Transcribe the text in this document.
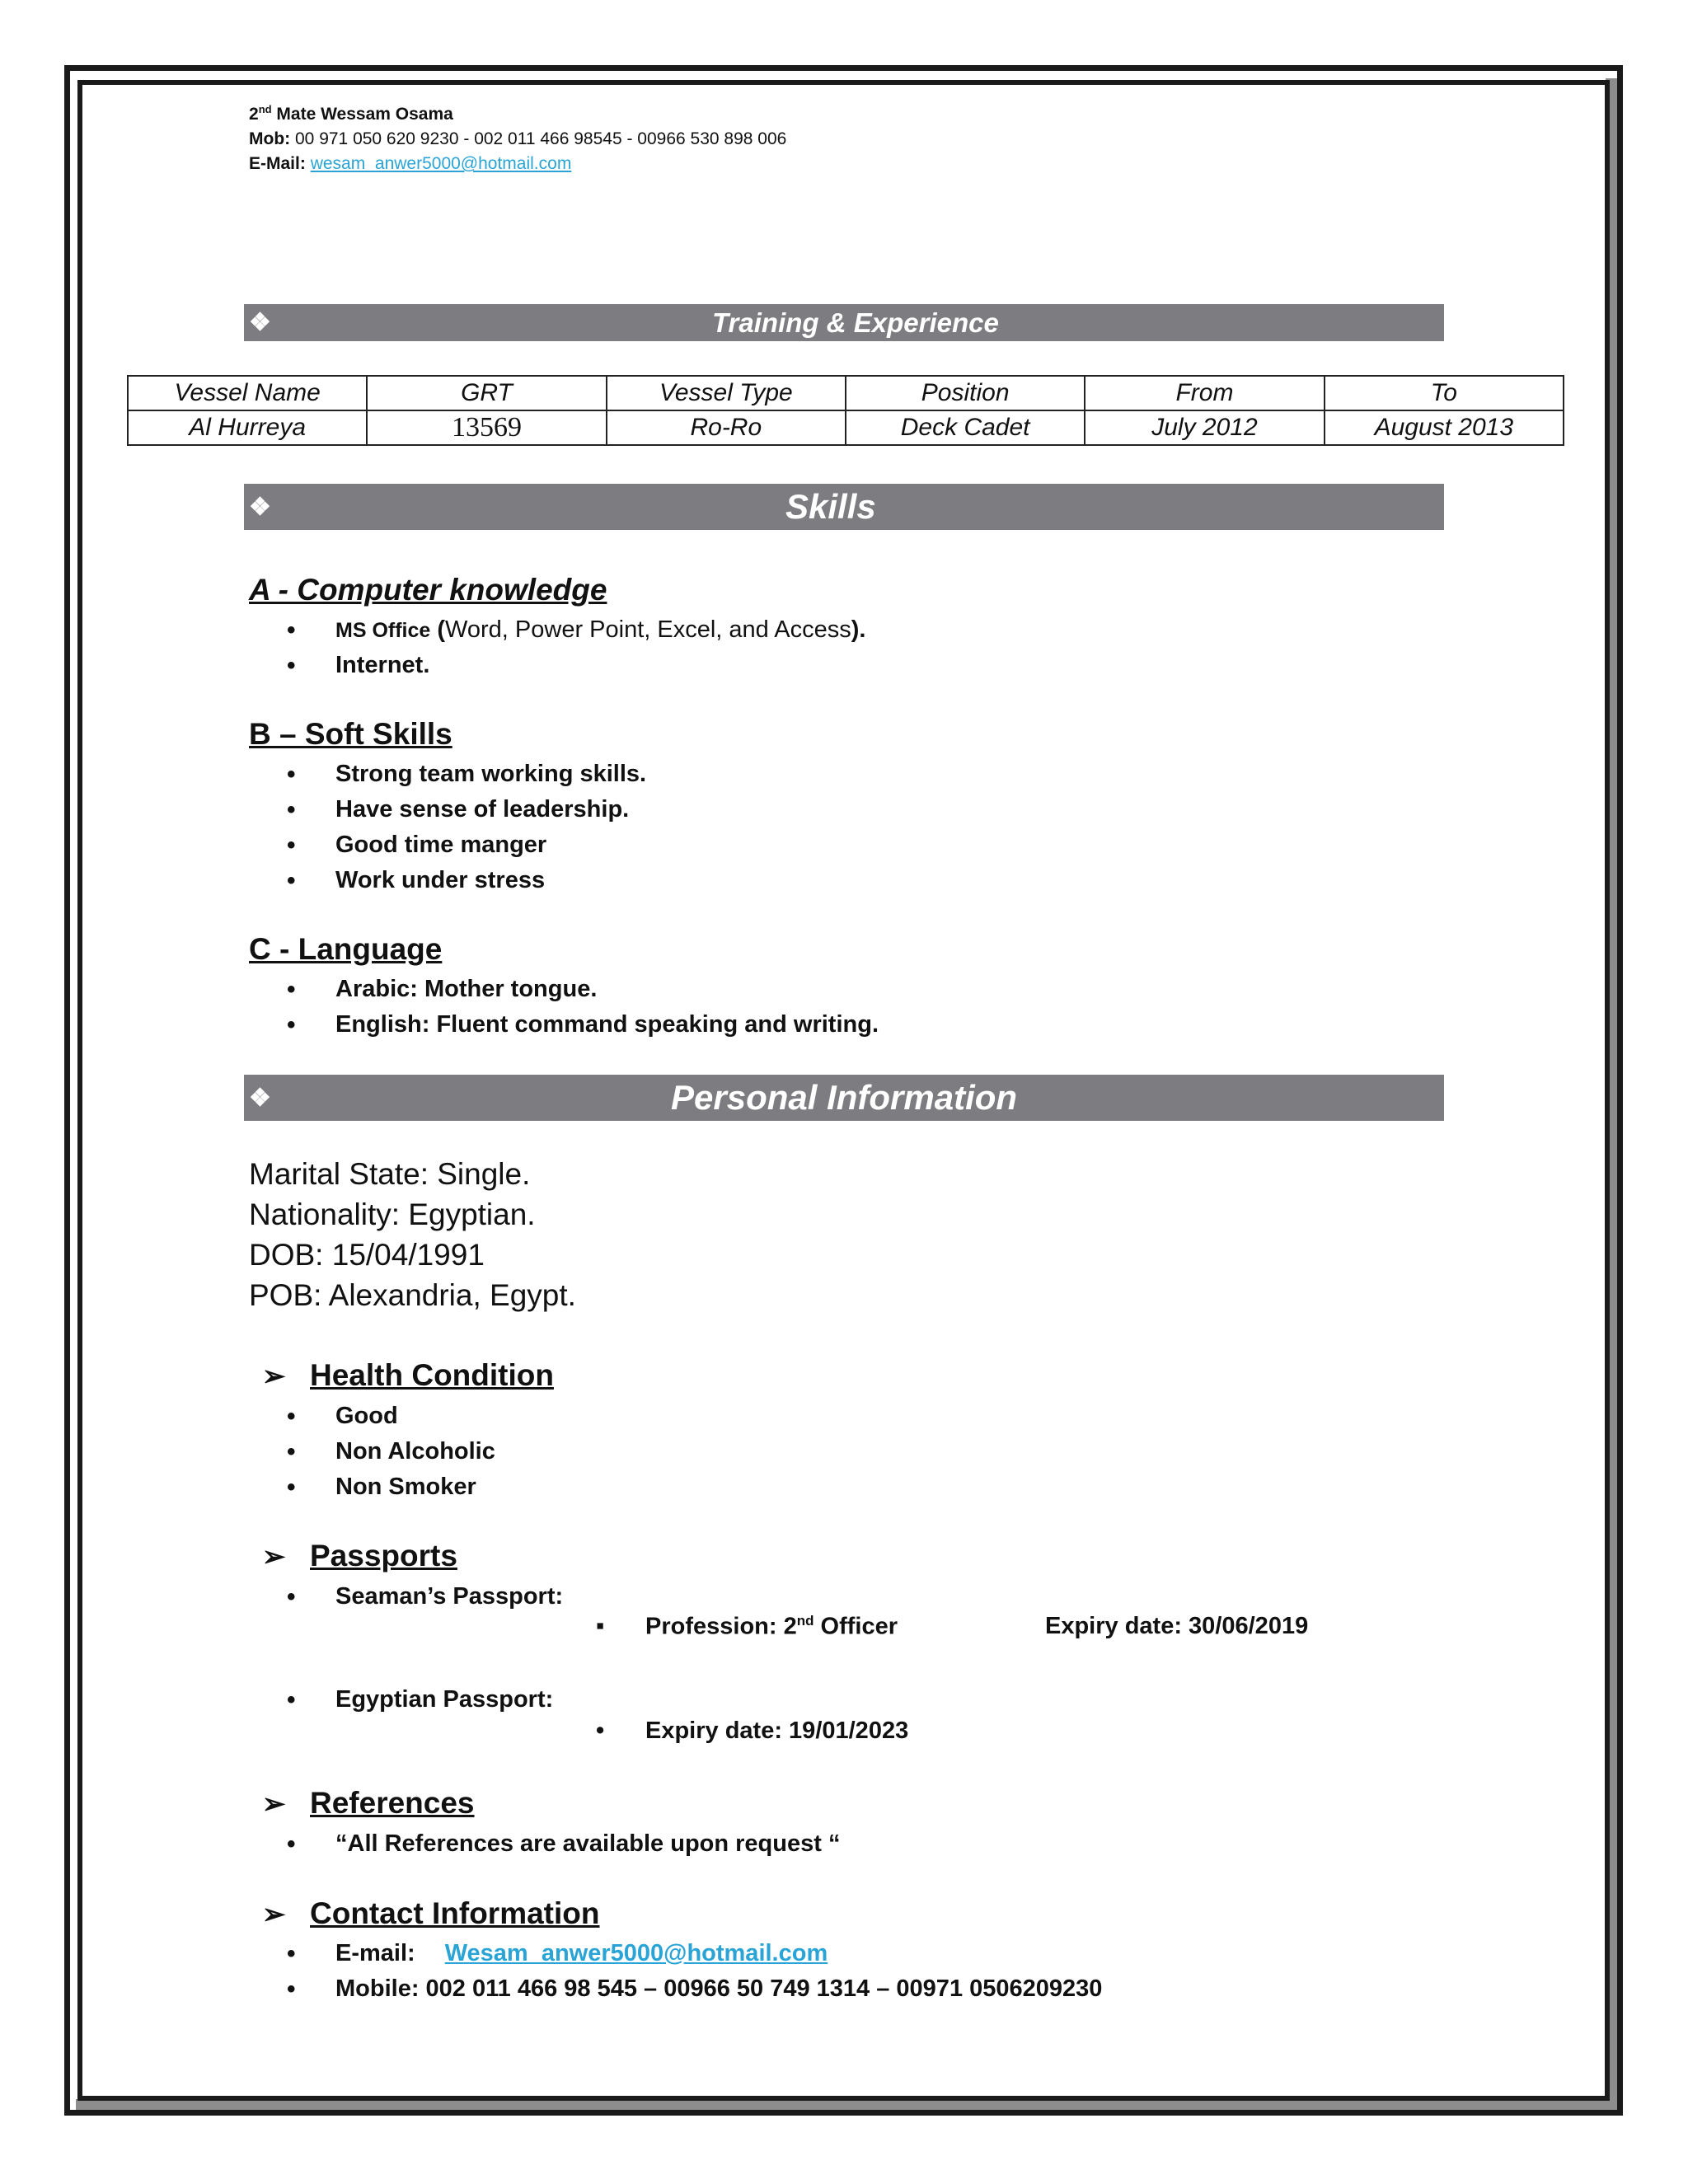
2nd Mate Wessam Osama
Mob: 00 971 050 620 9230 - 002 011 466 98545 - 00966 530 898 006
E-Mail: wesam_anwer5000@hotmail.com
❖	Training & Experience
Vessel Name	GRT	Vessel Type	Position	From	To
Al Hurreya	13569	Ro-Ro	Deck Cadet	July 2012	August 2013
❖	Skills
A - Computer knowledge
• MS Office (Word, Power Point, Excel, and Access).
• Internet.
B – Soft Skills
• Strong team working skills.
• Have sense of leadership.
• Good time manger
• Work under stress
C - Language
• Arabic: Mother tongue.
• English: Fluent command speaking and writing.
❖	Personal Information
Marital State: Single.
Nationality: Egyptian.
DOB: 15/04/1991
POB: Alexandria, Egypt.
➢ Health Condition
• Good
• Non Alcoholic
• Non Smoker
➢ Passports
• Seaman’s Passport:
▪ Profession: 2nd Officer	Expiry date: 30/06/2019
• Egyptian Passport:
• Expiry date: 19/01/2023
➢ References
• “All References are available upon request “
➢ Contact Information
• E-mail: Wesam_anwer5000@hotmail.com
• Mobile: 002 011 466 98 545 – 00966 50 749 1314 – 00971 0506209230
